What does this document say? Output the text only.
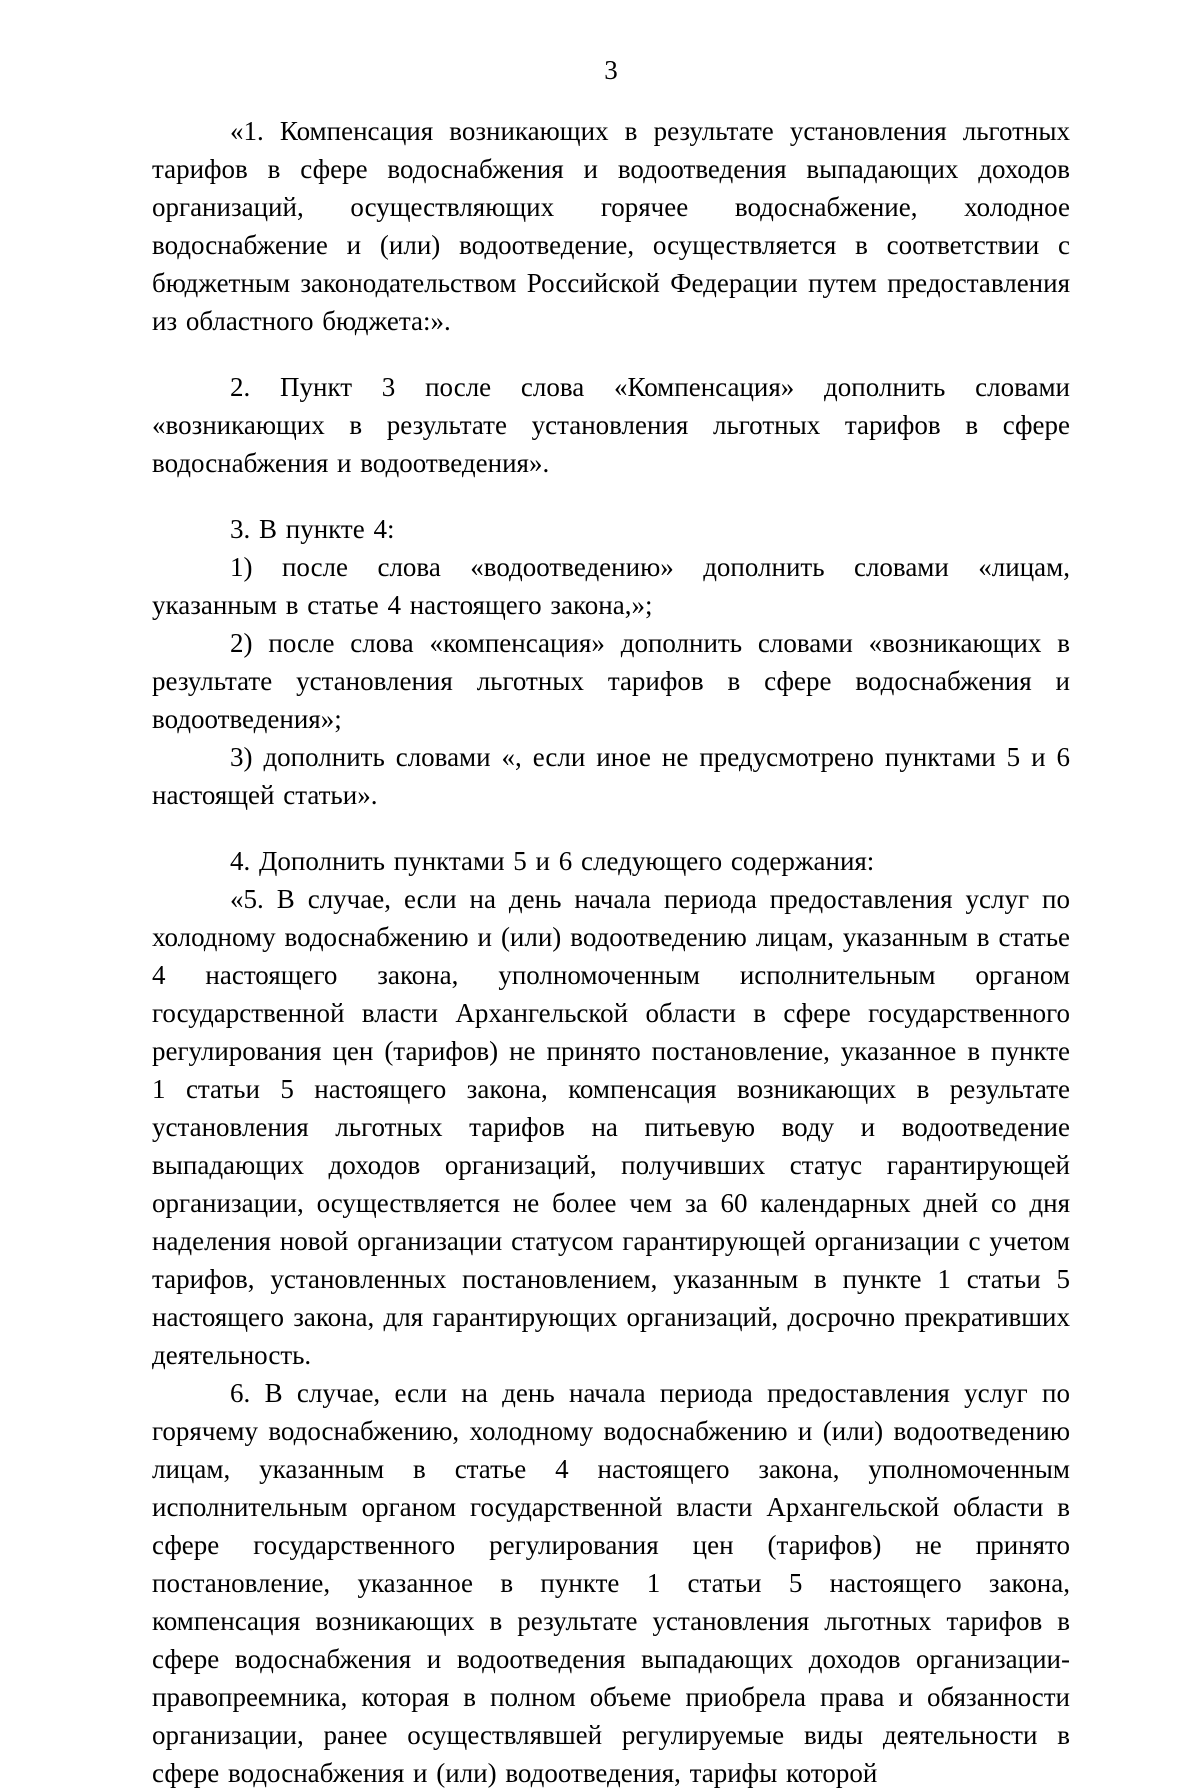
3

«1. Компенсация возникающих в результате установления льготных тарифов в сфере водоснабжения и водоотведения выпадающих доходов организаций, осуществляющих горячее водоснабжение, холодное водоснабжение и (или) водоотведение, осуществляется в соответствии с бюджетным законодательством Российской Федерации путем предоставления из областного бюджета:».

2. Пункт 3 после слова «Компенсация» дополнить словами «возникающих в результате установления льготных тарифов в сфере водоснабжения и водоотведения».

3. В пункте 4:

1) после слова «водоотведению» дополнить словами «лицам, указанным в статье 4 настоящего закона,»;

2) после слова «компенсация» дополнить словами «возникающих в результате установления льготных тарифов в сфере водоснабжения и водоотведения»;

3) дополнить словами «, если иное не предусмотрено пунктами 5 и 6 настоящей статьи».

4. Дополнить пунктами 5 и 6 следующего содержания:

«5. В случае, если на день начала периода предоставления услуг по холодному водоснабжению и (или) водоотведению лицам, указанным в статье 4 настоящего закона, уполномоченным исполнительным органом государственной власти Архангельской области в сфере государственного регулирования цен (тарифов) не принято постановление, указанное в пункте 1 статьи 5 настоящего закона, компенсация возникающих в результате установления льготных тарифов на питьевую воду и водоотведение выпадающих доходов организаций, получивших статус гарантирующей организации, осуществляется не более чем за 60 календарных дней со дня наделения новой организации статусом гарантирующей организации с учетом тарифов, установленных постановлением, указанным в пункте 1 статьи 5 настоящего закона, для гарантирующих организаций, досрочно прекративших деятельность.

6. В случае, если на день начала периода предоставления услуг по горячему водоснабжению, холодному водоснабжению и (или) водоотведению лицам, указанным в статье 4 настоящего закона, уполномоченным исполнительным органом государственной власти Архангельской области в сфере государственного регулирования цен (тарифов) не принято постановление, указанное в пункте 1 статьи 5 настоящего закона, компенсация возникающих в результате установления льготных тарифов в сфере водоснабжения и водоотведения выпадающих доходов организации-правопреемника, которая в полном объеме приобрела права и обязанности организации, ранее осуществлявшей регулируемые виды деятельности в сфере водоснабжения и (или) водоотведения, тарифы которой
